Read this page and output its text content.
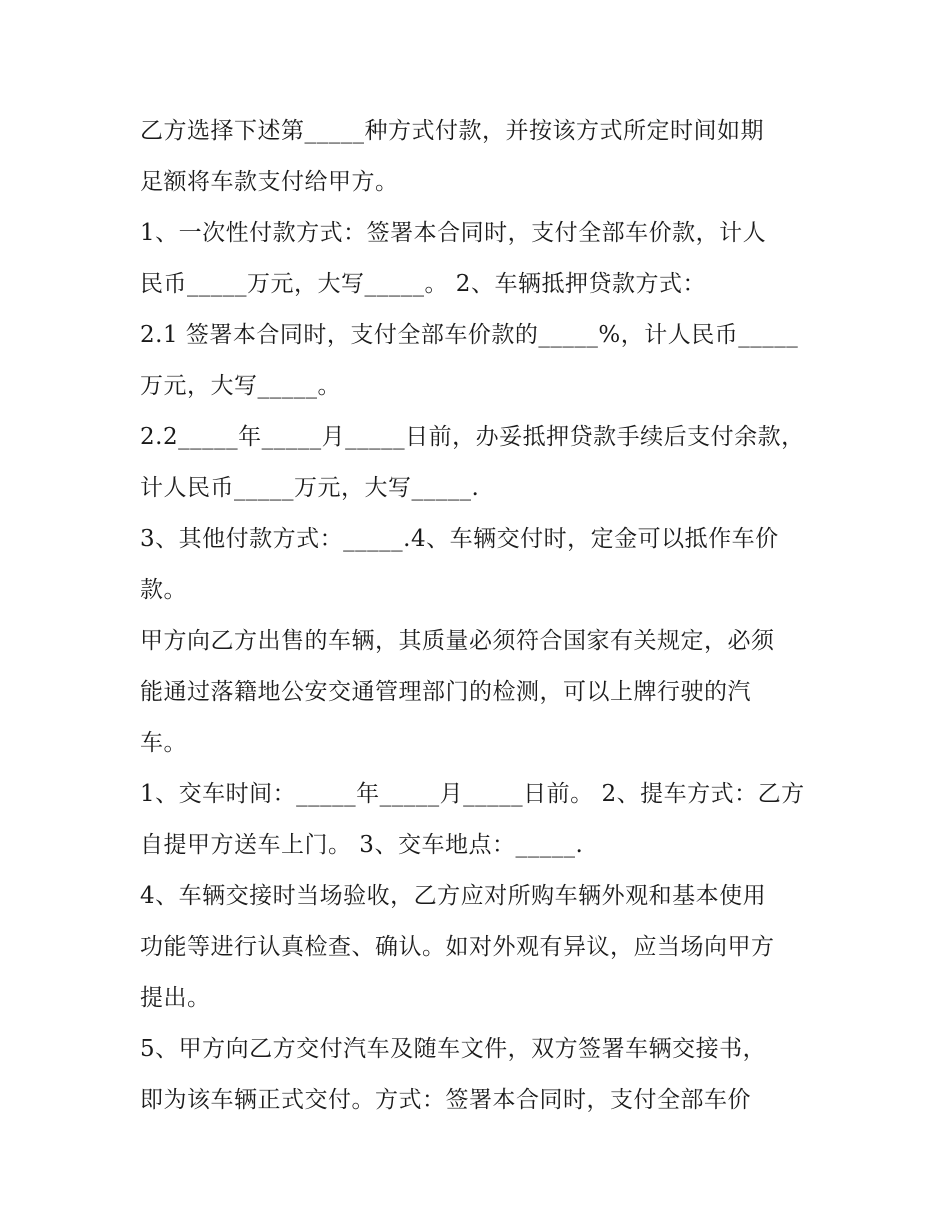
乙方选择下述第_____种方式付款，并按该方式所定时间如期

足额将车款支付给甲方。

1、一次性付款方式：签署本合同时，支付全部车价款，计人

民币_____万元，大写_____。 2、车辆抵押贷款方式：

2.1 签署本合同时，支付全部车价款的_____%，计人民币_____

万元，大写_____。

2.2_____年_____月_____日前，办妥抵押贷款手续后支付余款，

计人民币_____万元，大写_____.

3、其他付款方式：_____.4、车辆交付时，定金可以抵作车价

款。

甲方向乙方出售的车辆，其质量必须符合国家有关规定，必须

能通过落籍地公安交通管理部门的检测，可以上牌行驶的汽

车。

1、交车时间：_____年_____月_____日前。 2、提车方式：乙方

自提甲方送车上门。 3、交车地点：_____.

4、车辆交接时当场验收，乙方应对所购车辆外观和基本使用

功能等进行认真检查、确认。如对外观有异议，应当场向甲方

提出。

5、甲方向乙方交付汽车及随车文件，双方签署车辆交接书，

即为该车辆正式交付。方式：签署本合同时，支付全部车价
